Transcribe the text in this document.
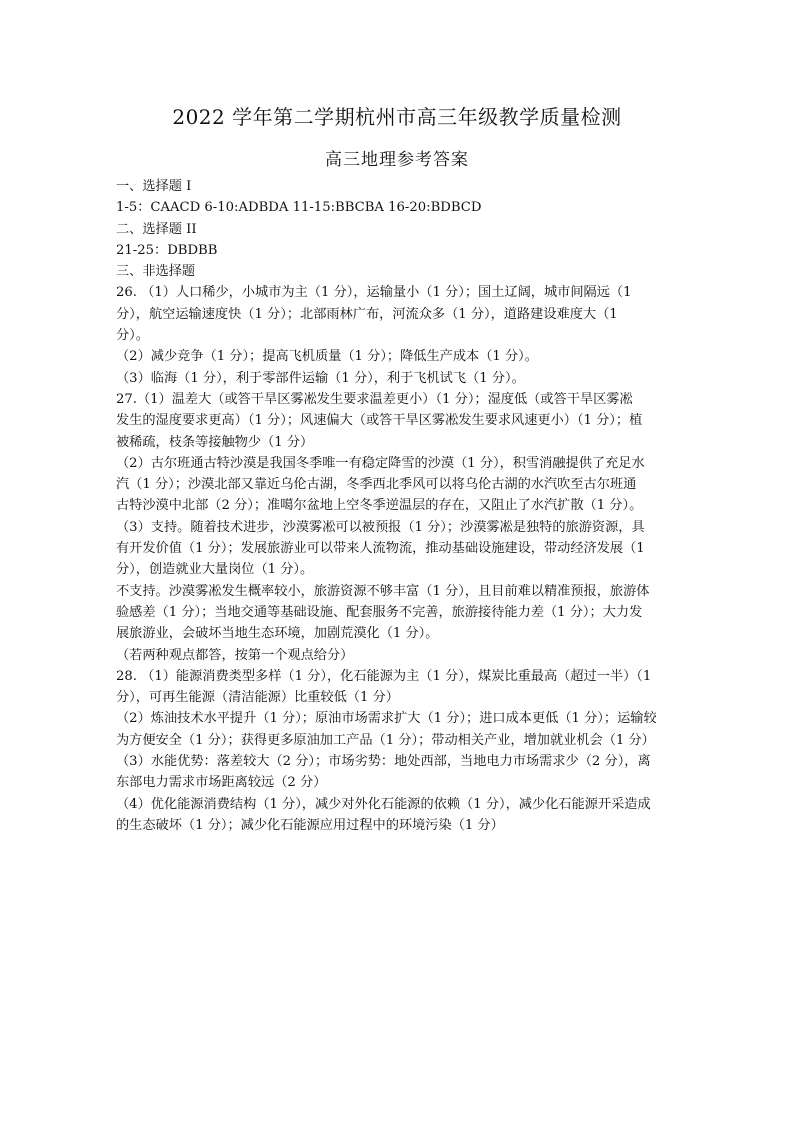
2022 学年第二学期杭州市高三年级教学质量检测
高三地理参考答案
一、选择题 I
1-5：CAACD 6-10:ADBDA 11-15:BBCBA 16-20:BDBCD
二、选择题 II
21-25：DBDBB
三、非选择题
26. （1）人口稀少，小城市为主（1 分），运输量小（1 分）；国土辽阔，城市间隔远（1
分），航空运输速度快（1 分）；北部雨林广布，河流众多（1 分），道路建设难度大（1
分）。
（2）减少竞争（1 分）；提高飞机质量（1 分）；降低生产成本（1 分）。
（3）临海（1 分），利于零部件运输（1 分），利于飞机试飞（1 分）。
27.（1）温差大（或答干旱区雾凇发生要求温差更小）（1 分）；湿度低（或答干旱区雾凇
发生的湿度要求更高）（1 分）；风速偏大（或答干旱区雾凇发生要求风速更小）（1 分）；植
被稀疏，枝条等接触物少（1 分）
（2）古尔班通古特沙漠是我国冬季唯一有稳定降雪的沙漠（1 分），积雪消融提供了充足水
汽（1 分）；沙漠北部又靠近乌伦古湖，冬季西北季风可以将乌伦古湖的水汽吹至古尔班通
古特沙漠中北部（2 分）；准噶尔盆地上空冬季逆温层的存在，又阻止了水汽扩散（1 分）。
（3）支持。随着技术进步，沙漠雾凇可以被预报（1 分）；沙漠雾凇是独特的旅游资源，具
有开发价值（1 分）；发展旅游业可以带来人流物流，推动基础设施建设，带动经济发展（1
分），创造就业大量岗位（1 分）。
不支持。沙漠雾凇发生概率较小，旅游资源不够丰富（1 分），且目前难以精准预报，旅游体
验感差（1 分）；当地交通等基础设施、配套服务不完善，旅游接待能力差（1 分）；大力发
展旅游业，会破坏当地生态环境，加剧荒漠化（1 分）。
（若两种观点都答，按第一个观点给分）
28. （1）能源消费类型多样（1 分），化石能源为主（1 分），煤炭比重最高（超过一半）（1
分），可再生能源（清洁能源）比重较低（1 分）
（2）炼油技术水平提升（1 分）；原油市场需求扩大（1 分）；进口成本更低（1 分）；运输较
为方便安全（1 分）；获得更多原油加工产品（1 分）；带动相关产业，增加就业机会（1 分）
（3）水能优势：落差较大（2 分）；市场劣势：地处西部，当地电力市场需求少（2 分），离
东部电力需求市场距离较远（2 分）
（4）优化能源消费结构（1 分），减少对外化石能源的依赖（1 分），减少化石能源开采造成
的生态破坏（1 分）；减少化石能源应用过程中的环境污染（1 分）
